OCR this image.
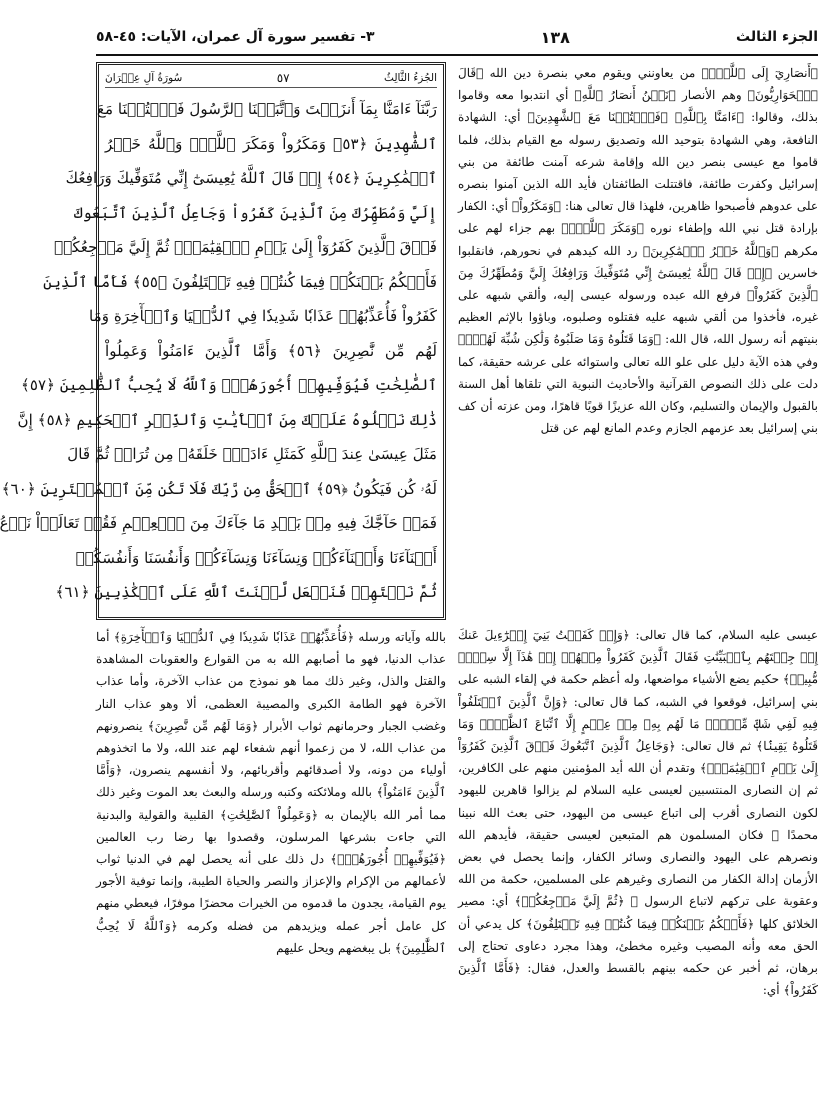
الجزء الثالث
١٣٨
٣- تفسير سورة آل عمران، الآيات: ٤٥-٥٨
﴿أَنصَارِيٓ إِلَى ٱللَّهِۖ﴾ من يعاونني ويقوم معي بنصرة دين الله ﴿قَالَ ٱلۡحَوَارِيُّونَ﴾ وهم الأنصار ﴿نَحۡنُ أَنصَارُ ٱللَّهِ﴾ أي انتدبوا معه وقاموا بذلك، وقالوا: ﴿ءَامَنَّا بِٱللَّهِ﴾ ﴿فَٱكۡتُبۡنَا مَعَ ٱلشَّٰهِدِينَ﴾ أي: الشهادة النافعة، وهي الشهادة بتوحيد الله وتصديق رسوله مع القيام بذلك، فلما قاموا مع عيسى بنصر دين الله وإقامة شرعه آمنت طائفة من بني إسرائيل وكفرت طائفة، فاقتتلت الطائفتان فأيد الله الذين آمنوا بنصره على عدوهم فأصبحوا ظاهرين، فلهذا قال تعالى هنا: ﴿وَمَكَرُواْ﴾ أي: الكفار بإرادة قتل نبي الله وإطفاء نوره ﴿وَمَكَرَ ٱللَّهُۖ﴾ بهم جزاء لهم على مكرهم ﴿وَٱللَّهُ خَيۡرُ ٱلۡمَٰكِرِينَ﴾ رد الله كيدهم في نحورهم، فانقلبوا خاسرين ﴿إِذۡ قَالَ ٱللَّهُ يَٰعِيسَىٰٓ إِنِّي مُتَوَفِّيكَ وَرَافِعُكَ إِلَيَّ وَمُطَهِّرُكَ مِنَ ٱلَّذِينَ كَفَرُواْ﴾ فرفع الله عبده ورسوله عيسى إليه، وألقي شبهه على غيره، فأخذوا من ألقي شبهه عليه فقتلوه وصلبوه، وباؤوا بالإثم العظيم بنيتهم أنه رسول الله، قال الله: ﴿وَمَا قَتَلُوهُ وَمَا صَلَبُوهُ وَلَٰكِن شُبِّهَ لَهُمۡۚ﴾ وفي هذه الآية دليل على علو الله تعالى واستوائه على عرشه حقيقة، كما دلت على ذلك النصوص القرآنية والأحاديث النبوية التي تلقاها أهل السنة بالقبول والإيمان والتسليم، وكان الله عزيزًا قويًا قاهرًا، ومن عزته أن كف بني إسرائيل بعد عزمهم الجازم وعدم المانع لهم عن قتل
الجُزءُ الثَّالِثُ
٥٧
سُورَةُ آلِ عِمۡرَانَ
رَبَّنَآ ءَامَنَّا بِمَآ أَنزَلۡتَ وَٱتَّبَعۡنَا ٱلرَّسُولَ فَٱكۡتُبۡنَا مَعَ
ٱلشَّٰهِدِينَ ﴿٥٣﴾ وَمَكَرُواْ وَمَكَرَ ٱللَّهُۖ وَٱللَّهُ خَيۡرُ
ٱلۡمَٰكِرِينَ ﴿٥٤﴾ إِذۡ قَالَ ٱللَّهُ يَٰعِيسَىٰٓ إِنِّي مُتَوَفِّيكَ وَرَافِعُكَ
إِلَيَّ وَمُطَهِّرُكَ مِنَ ٱلَّذِينَ كَفَرُواْ وَجَاعِلُ ٱلَّذِينَ ٱتَّبَعُوكَ
فَوۡقَ ٱلَّذِينَ كَفَرُوٓاْ إِلَىٰ يَوۡمِ ٱلۡقِيَٰمَةِۖ ثُمَّ إِلَيَّ مَرۡجِعُكُمۡ
فَأَحۡكُمُ بَيۡنَكُمۡ فِيمَا كُنتُمۡ فِيهِ تَخۡتَلِفُونَ ﴿٥٥﴾ فَأَمَّا ٱلَّذِينَ
كَفَرُواْ فَأُعَذِّبُهُمۡ عَذَابٗا شَدِيدٗا فِي ٱلدُّنۡيَا وَٱلۡأٓخِرَةِ وَمَا
لَهُم مِّن نَّٰصِرِينَ ﴿٥٦﴾ وَأَمَّا ٱلَّذِينَ ءَامَنُواْ وَعَمِلُواْ
ٱلصَّٰلِحَٰتِ فَيُوَفِّيهِمۡ أُجُورَهُمۡۗ وَٱللَّهُ لَا يُحِبُّ ٱلظَّٰلِمِينَ ﴿٥٧﴾
ذَٰلِكَ نَتۡلُوهُ عَلَيۡكَ مِنَ ٱلۡأٓيَٰتِ وَٱلذِّكۡرِ ٱلۡحَكِيمِ ﴿٥٨﴾ إِنَّ
مَثَلَ عِيسَىٰ عِندَ ٱللَّهِ كَمَثَلِ ءَادَمَۖ خَلَقَهُۥ مِن تُرَابٖ ثُمَّ قَالَ
لَهُۥ كُن فَيَكُونُ ﴿٥٩﴾ ٱلۡحَقُّ مِن رَّبِّكَ فَلَا تَكُن مِّنَ ٱلۡمُمۡتَرِينَ ﴿٦٠﴾
فَمَنۡ حَآجَّكَ فِيهِ مِنۢ بَعۡدِ مَا جَآءَكَ مِنَ ٱلۡعِلۡمِ فَقُلۡ تَعَالَوۡاْ نَدۡعُ
أَبۡنَآءَنَا وَأَبۡنَآءَكُمۡ وَنِسَآءَنَا وَنِسَآءَكُمۡ وَأَنفُسَنَا وَأَنفُسَكُمۡ
ثُمَّ نَبۡتَهِلۡ فَنَجۡعَل لَّعۡنَتَ ٱللَّهِ عَلَى ٱلۡكَٰذِبِينَ ﴿٦١﴾
عيسى عليه السلام، كما قال تعالى: ﴿وَإِذۡ كَفَفۡتُ بَنِيٓ إِسۡرَٰٓءِيلَ عَنكَ إِذۡ جِئۡتَهُم بِٱلۡبَيِّنَٰتِ فَقَالَ ٱلَّذِينَ كَفَرُواْ مِنۡهُمۡ إِنۡ هَٰذَآ إِلَّا سِحۡرٞ مُّبِينٞ﴾ حكيم يضع الأشياء مواضعها، وله أعظم حكمة في إلقاء الشبه على بني إسرائيل، فوقعوا في الشبه، كما قال تعالى: ﴿وَإِنَّ ٱلَّذِينَ ٱخۡتَلَفُواْ فِيهِ لَفِي شَكّٖ مِّنۡهُۚ مَا لَهُم بِهِۦ مِنۡ عِلۡمٍ إِلَّا ٱتِّبَاعَ ٱلظَّنِّۚ وَمَا قَتَلُوهُ يَقِينَۢا﴾ ثم قال تعالى: ﴿وَجَاعِلُ ٱلَّذِينَ ٱتَّبَعُوكَ فَوۡقَ ٱلَّذِينَ كَفَرُوٓاْ إِلَىٰ يَوۡمِ ٱلۡقِيَٰمَةِۖ﴾ وتقدم أن الله أيد المؤمنين منهم على الكافرين، ثم إن النصارى المنتسبين لعيسى عليه السلام لم يزالوا قاهرين لليهود لكون النصارى أقرب إلى اتباع عيسى من اليهود، حتى بعث الله نبينا محمدًا ﷺ فكان المسلمون هم المتبعين لعيسى حقيقة، فأيدهم الله ونصرهم على اليهود والنصارى وسائر الكفار، وإنما يحصل في بعض الأزمان إدالة الكفار من النصارى وغيرهم على المسلمين، حكمة من الله وعقوبة على تركهم لاتباع الرسول ﷺ ﴿ثُمَّ إِلَيَّ مَرۡجِعُكُمۡ﴾ أي: مصير الخلائق كلها ﴿فَأَحۡكُمُ بَيۡنَكُمۡ فِيمَا كُنتُمۡ فِيهِ تَخۡتَلِفُونَ﴾ كل يدعي أن الحق معه وأنه المصيب وغيره مخطئ، وهذا مجرد دعاوى تحتاج إلى برهان، ثم أخبر عن حكمه بينهم بالقسط والعدل، فقال: ﴿فَأَمَّا ٱلَّذِينَ كَفَرُواْ﴾ أي:
بالله وآياته ورسله ﴿فَأُعَذِّبُهُمۡ عَذَابٗا شَدِيدٗا فِي ٱلدُّنۡيَا وَٱلۡأٓخِرَةِ﴾ أما عذاب الدنيا، فهو ما أصابهم الله به من القوارع والعقوبات المشاهدة والقتل والذل، وغير ذلك مما هو نموذج من عذاب الآخرة، وأما عذاب الآخرة فهو الطامة الكبرى والمصيبة العظمى، ألا وهو عذاب النار وغضب الجبار وحرمانهم ثواب الأبرار ﴿وَمَا لَهُم مِّن نَّٰصِرِينَ﴾ ينصرونهم من عذاب الله، لا من زعموا أنهم شفعاء لهم عند الله، ولا ما اتخذوهم أولياء من دونه، ولا أصدقائهم وأقربائهم، ولا أنفسهم ينصرون، ﴿وَأَمَّا ٱلَّذِينَ ءَامَنُواْ﴾ بالله وملائكته وكتبه ورسله والبعث بعد الموت وغير ذلك مما أمر الله بالإيمان به ﴿وَعَمِلُواْ ٱلصَّٰلِحَٰتِ﴾ القلبية والقولية والبدنية التي جاءت بشرعها المرسلون، وقصدوا بها رضا رب العالمين ﴿فَيُوَفِّيهِمۡ أُجُورَهُمۡۗ﴾ دل ذلك على أنه يحصل لهم في الدنيا ثواب لأعمالهم من الإكرام والإعزاز والنصر والحياة الطيبة، وإنما توفية الأجور يوم القيامة، يجدون ما قدموه من الخيرات محضرًا موفرًا، فيعطي منهم كل عامل أجر عمله ويزيدهم من فضله وكرمه ﴿وَٱللَّهُ لَا يُحِبُّ ٱلظَّٰلِمِينَ﴾ بل يبغضهم ويحل عليهم
